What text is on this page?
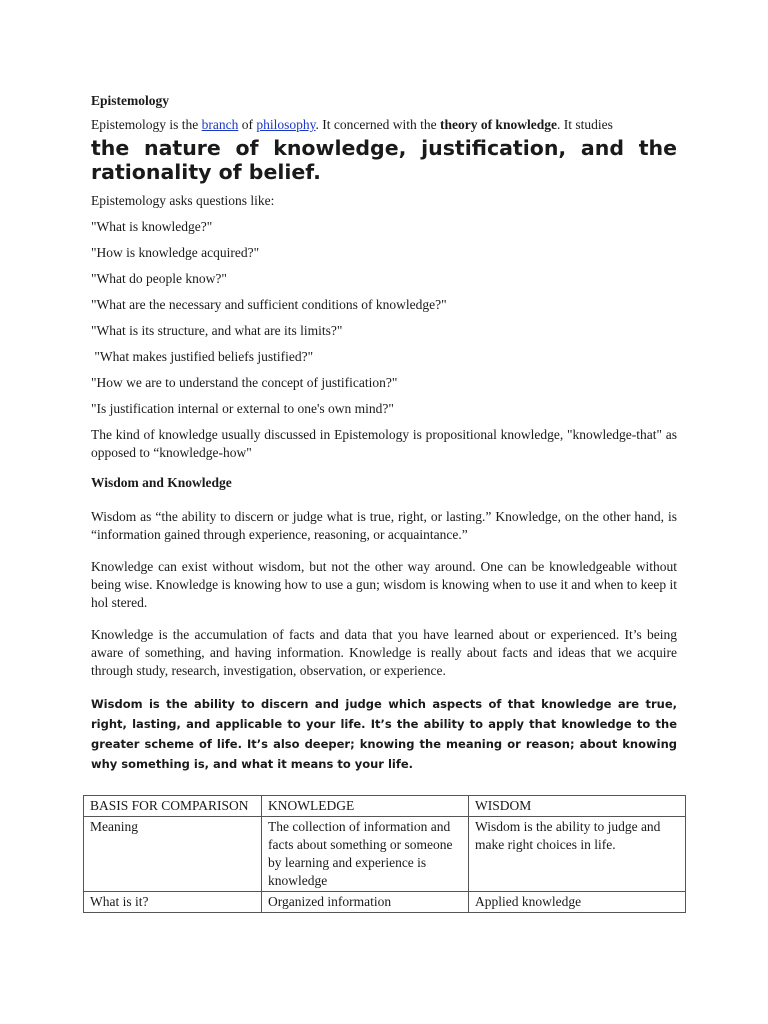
Epistemology

Epistemology is the branch of philosophy. It concerned with the theory of knowledge. It studies

the nature of knowledge, justification, and the rationality of belief.

Epistemology asks questions like:

"What is knowledge?"

"How is knowledge acquired?"

"What do people know?"

"What are the necessary and sufficient conditions of knowledge?"

"What is its structure, and what are its limits?"

"What makes justified beliefs justified?"

"How we are to understand the concept of justification?"

"Is justification internal or external to one's own mind?"

The kind of knowledge usually discussed in Epistemology is propositional knowledge, "knowledge-that" as opposed to “knowledge-how"

Wisdom and Knowledge

Wisdom as “the ability to discern or judge what is true, right, or lasting.” Knowledge, on the other hand, is “information gained through experience, reasoning, or acquaintance.”

Knowledge can exist without wisdom, but not the other way around. One can be knowledgeable without being wise. Knowledge is knowing how to use a gun; wisdom is knowing when to use it and when to keep it hol stered.

Knowledge is the accumulation of facts and data that you have learned about or experienced. It’s being aware of something, and having information. Knowledge is really about facts and ideas that we acquire through study, research, investigation, observation, or experience.

Wisdom is the ability to discern and judge which aspects of that knowledge are true, right, lasting, and applicable to your life. It’s the ability to apply that knowledge to the greater scheme of life. It’s also deeper; knowing the meaning or reason; about knowing why something is, and what it means to your life.

BASIS FOR COMPARISON	KNOWLEDGE	WISDOM
Meaning	The collection of information and facts about something or someone by learning and experience is knowledge	Wisdom is the ability to judge and make right choices in life.
What is it?	Organized information	Applied knowledge
